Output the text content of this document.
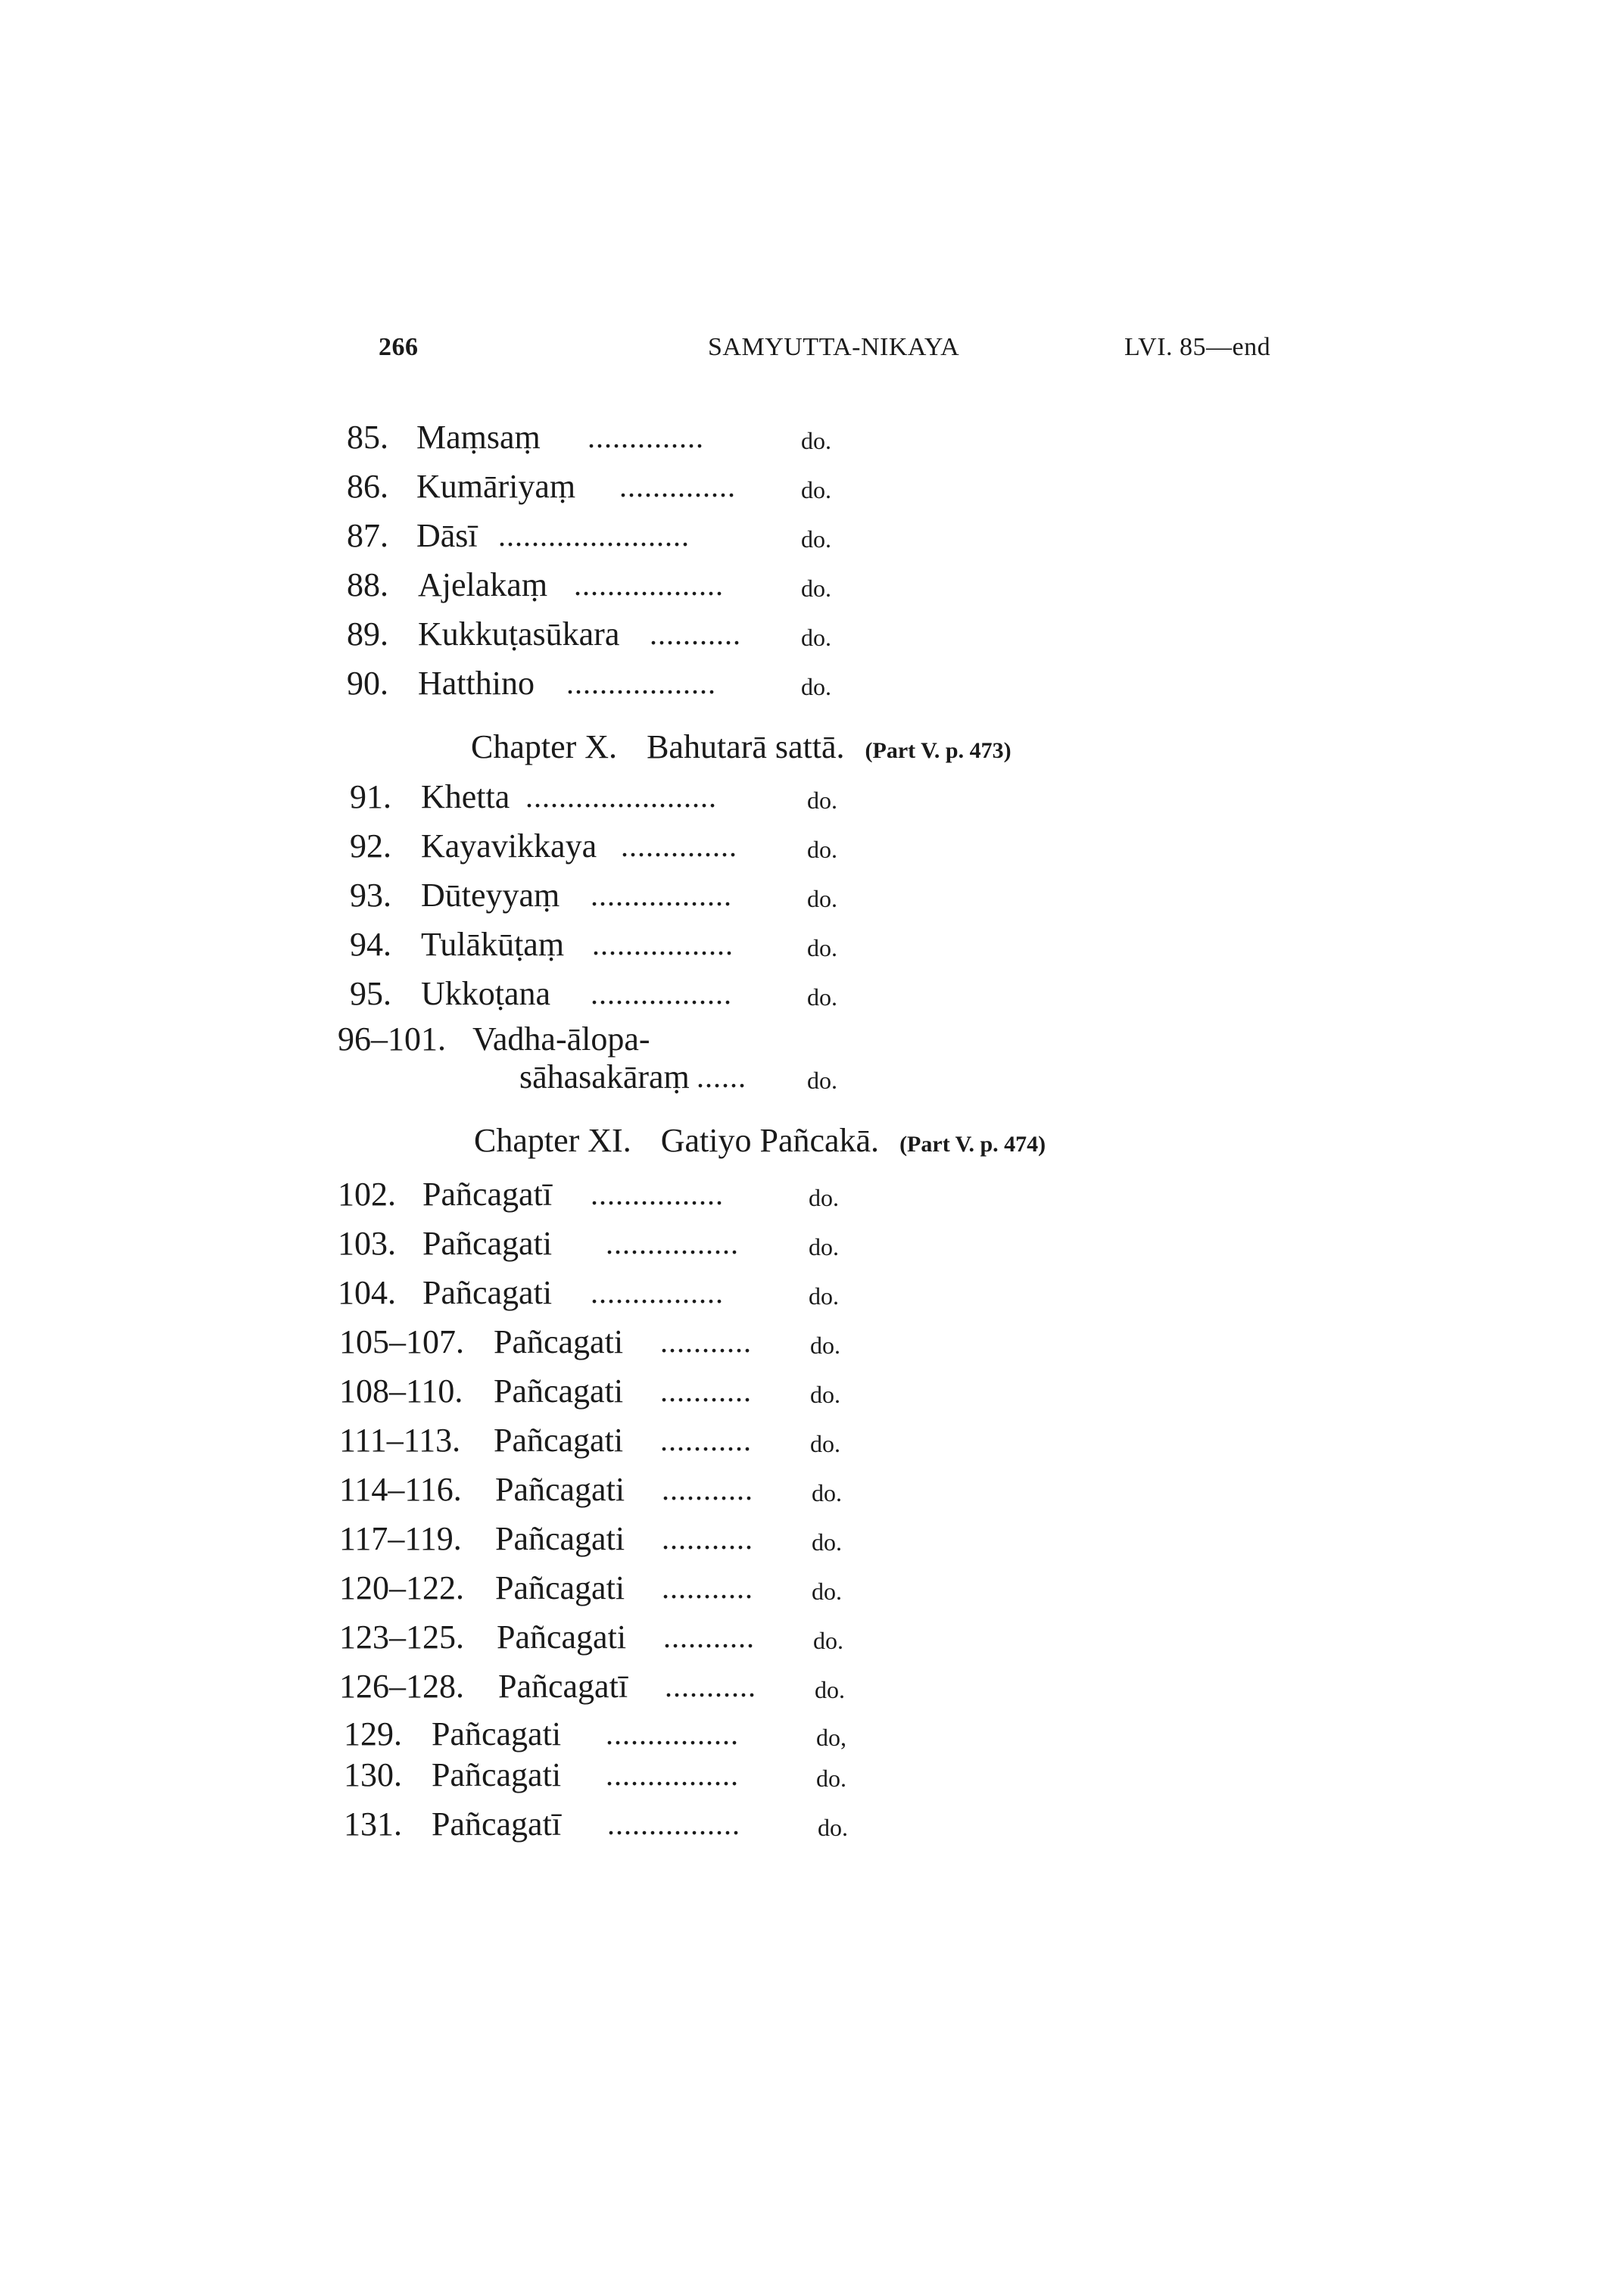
266	SAMYUTTA-NIKAYA	LVI. 85—end
85. Maṃsaṃ ..............	do.
86. Kumāriyaṃ ..............	do.
87. Dāsī .......................	do.
88. Ajelakaṃ ..................	do.
89. Kukkuṭasūkara ...........	do.
90. Hatthino ..................	do.
Chapter X. Bahutarā sattā. (Part V. p. 473)
91. Khetta .......................	do.
92. Kayavikkaya ..............	do.
93. Dūteyyaṃ .................	do.
94. Tulākūṭaṃ .................	do.
95. Ukkoṭana .................	do.
96–101. Vadha-ālopa-
sāhasakāraṃ ......	do.
Chapter XI. Gatiyo Pañcakā. (Part V. p. 474)
102. Pañcagatī ................	do.
103. Pañcagati ................	do.
104. Pañcagati ................	do.
105–107. Pañcagati ...........	do.
108–110. Pañcagati ...........	do.
111–113. Pañcagati ...........	do.
114–116. Pañcagati ...........	do.
117–119. Pañcagati ...........	do.
120–122. Pañcagati ...........	do.
123–125. Pañcagati ...........	do.
126–128. Pañcagatī ...........	do.
129. Pañcagati ................	do,
130. Pañcagati ................	do.
131. Pañcagatī ................	do.
